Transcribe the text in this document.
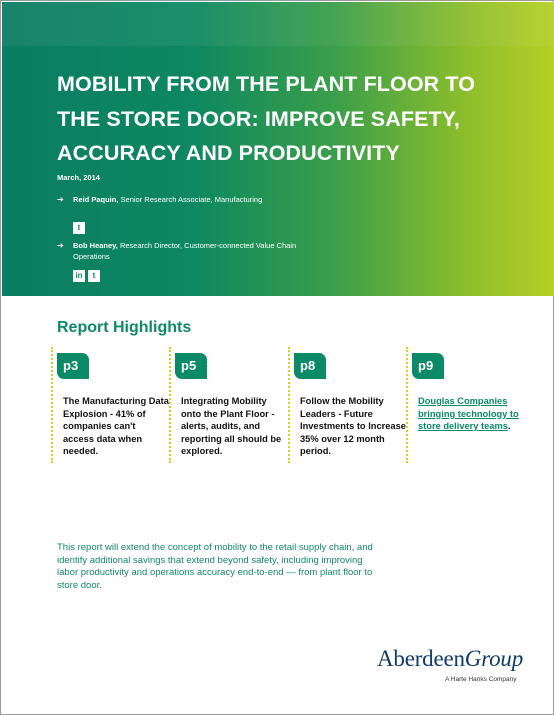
MOBILITY FROM THE PLANT FLOOR TO THE STORE DOOR: IMPROVE SAFETY, ACCURACY AND PRODUCTIVITY
March, 2014
➔ Reid Paquin, Senior Research Associate, Manufacturing
t
➔ Bob Heaney, Research Director, Customer-connected Value Chain Operations
in	t
Report Highlights
p3
The Manufacturing Data Explosion - 41% of companies can't access data when needed.
p5
Integrating Mobility onto the Plant Floor - alerts, audits, and reporting all should be explored.
p8
Follow the Mobility Leaders - Future Investments to Increase 35% over 12 month period.
p9
Douglas Companies bringing technology to store delivery teams.

This report will extend the concept of mobility to the retail supply chain, and identify additional savings that extend beyond safety, including improving labor productivity and operations accuracy end-to-end — from plant floor to store door.

AberdeenGroup
A Harte Hanks Company
